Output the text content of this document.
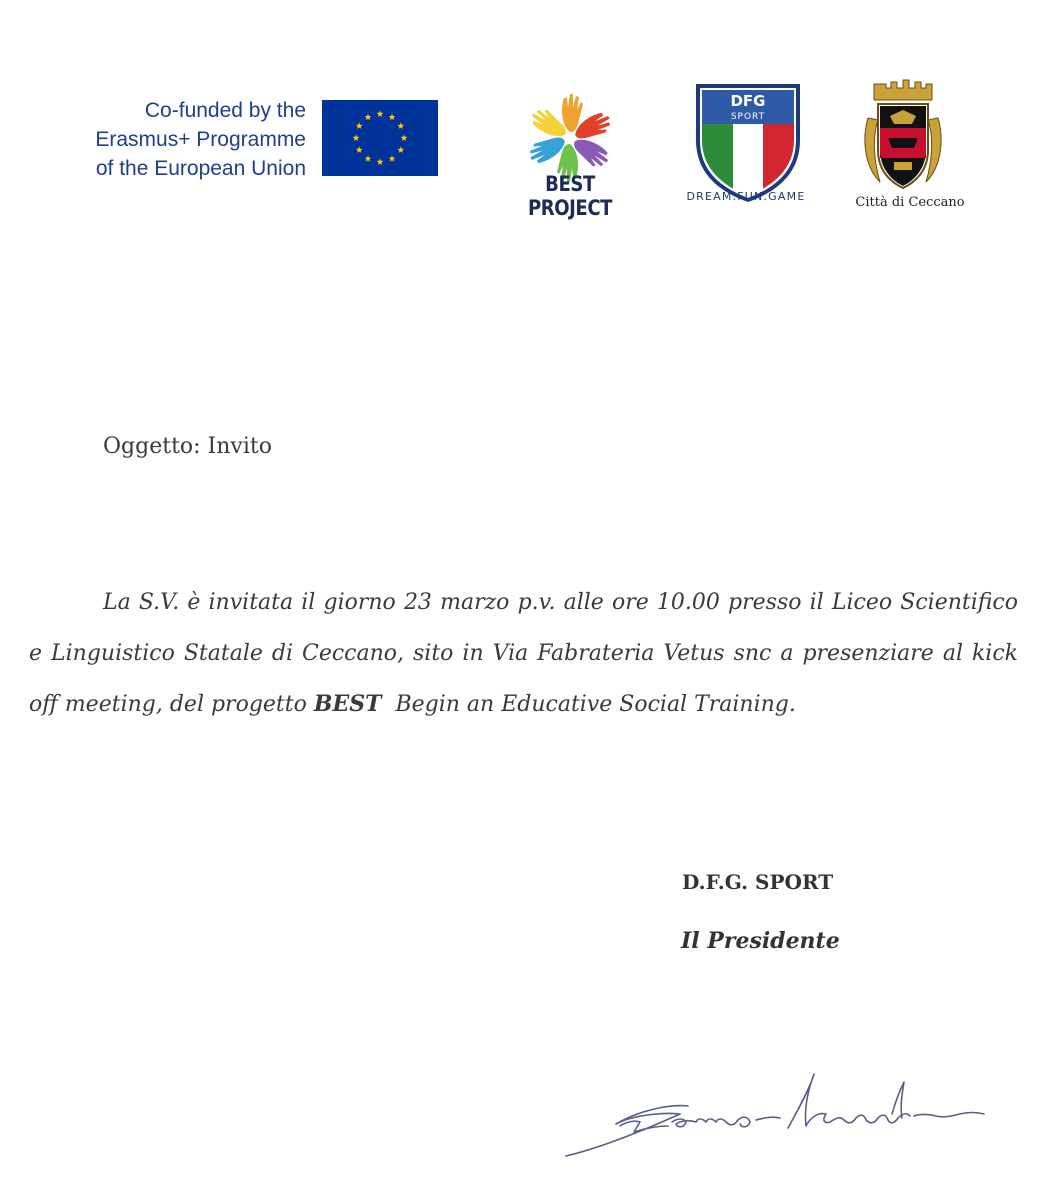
Co-funded by the
Erasmus+ Programme
of the European Union
BEST PROJECT
DFG
SPORT
DREAM.FUN.GAME	Città di Ceccano
Oggetto: Invito
La S.V. è invitata il giorno 23 marzo p.v. alle ore 10.00 presso il Liceo Scientifico e Linguistico Statale di Ceccano, sito in Via Fabrateria Vetus snc a presenziare al kick off meeting, del progetto BEST  Begin an Educative Social Training.
D.F.G. SPORT
Il Presidente
